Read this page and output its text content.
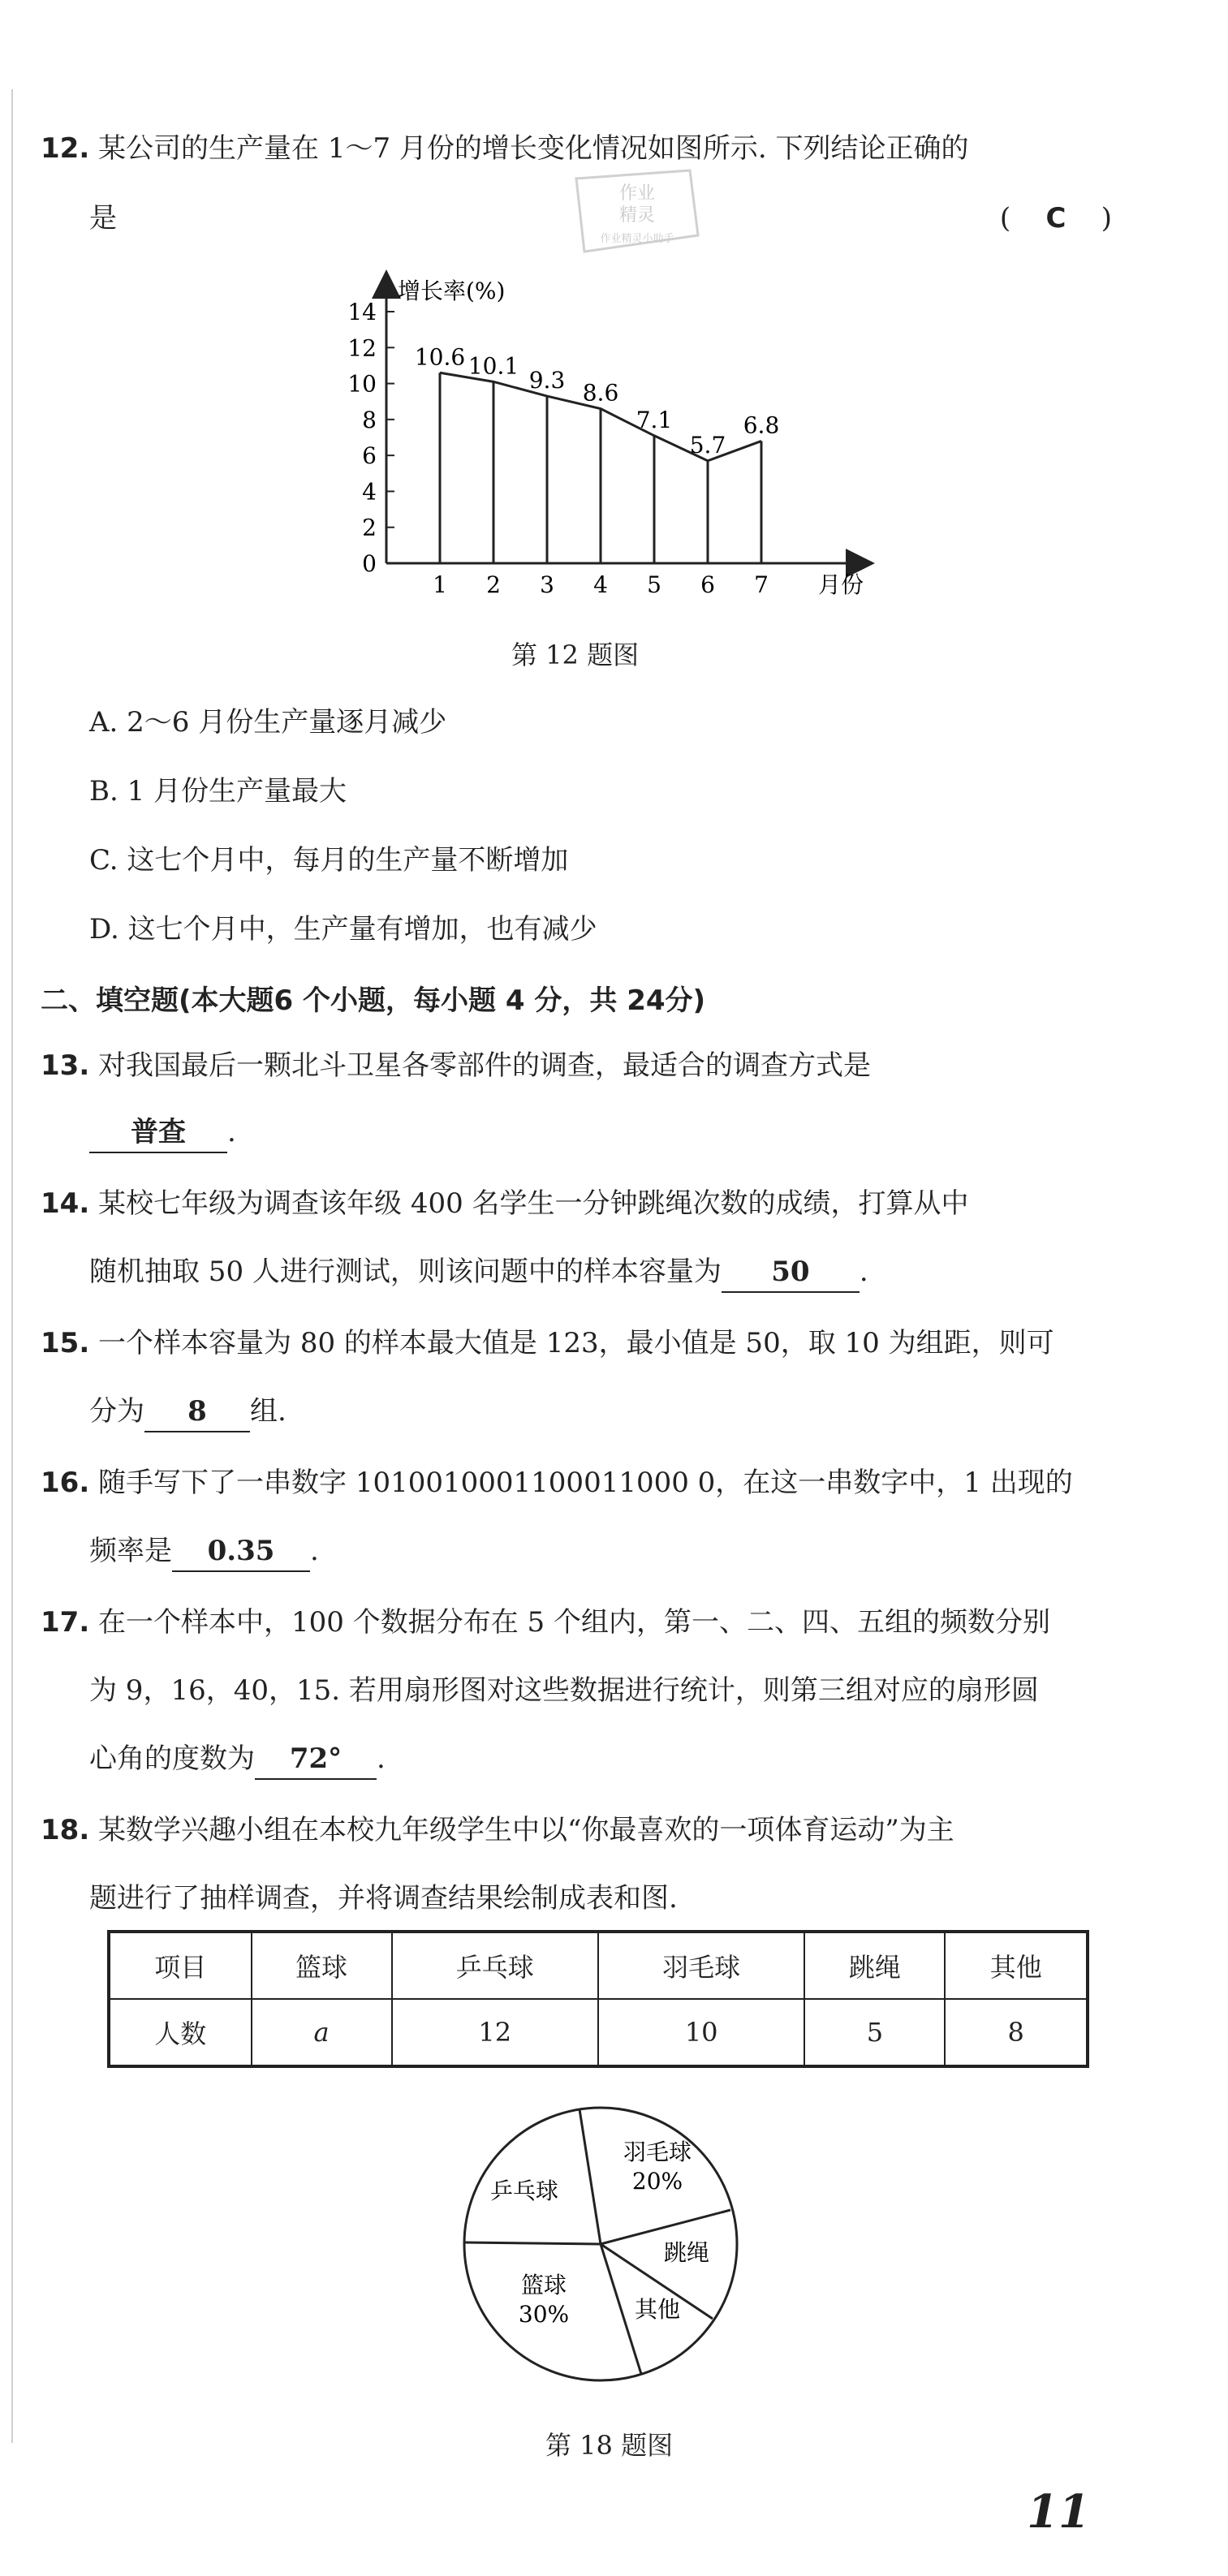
12. 某公司的生产量在 1～7 月份的增长变化情况如图所示. 下列结论正确的
是	( C )
作业
精灵
作业精灵小助手
增长率(%)
月份
0
2
4
6
8
10
12
14
1 2 3 4 5 6 7
10.6 10.1
9.3 8.6
7.1
5.7
6.8
第 12 题图
A. 2～6 月份生产量逐月减少
B. 1 月份生产量最大
C. 这七个月中，每月的生产量不断增加
D. 这七个月中，生产量有增加，也有减少
二、填空题(本大题6 个小题，每小题 4 分，共 24分)
13. 对我国最后一颗北斗卫星各零部件的调查，最适合的调查方式是
普查 .
14. 某校七年级为调查该年级 400 名学生一分钟跳绳次数的成绩，打算从中
随机抽取 50 人进行测试，则该问题中的样本容量为 50 .
15. 一个样本容量为 80 的样本最大值是 123，最小值是 50，取 10 为组距，则可
分为 8 组.
16. 随手写下了一串数字 1010010001100011000 0，在这一串数字中，1 出现的
频率是 0.35 .
17. 在一个样本中，100 个数据分布在 5 个组内，第一、二、四、五组的频数分别
为 9，16，40，15. 若用扇形图对这些数据进行统计，则第三组对应的扇形圆
心角的度数为 72° .
18. 某数学兴趣小组在本校九年级学生中以“你最喜欢的一项体育运动”为主
题进行了抽样调查，并将调查结果绘制成表和图.
项目	篮球	乒乓球	羽毛球	跳绳	其他
人数	a	12	10	5	8
羽毛球
20%
跳绳
其他
篮球
30%
乒乓球
第 18 题图
11
